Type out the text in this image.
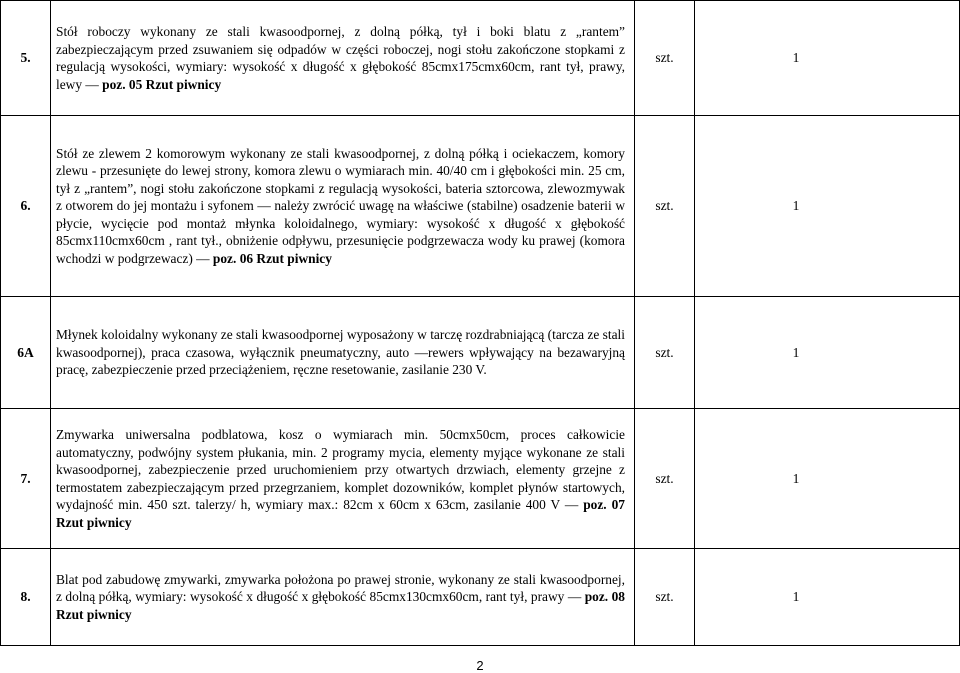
5.	Stół roboczy wykonany ze stali kwasoodpornej, z dolną półką, tył i boki blatu z „rantem” zabezpieczającym przed zsuwaniem się odpadów w części roboczej, nogi stołu zakończone stopkami z regulacją wysokości, wymiary: wysokość x długość x głębokość 85cmx175cmx60cm, rant tył, prawy, lewy — poz. 05 Rzut piwnicy	szt.	1
6.	Stół ze zlewem 2 komorowym wykonany ze stali kwasoodpornej, z dolną półką i ociekaczem, komory zlewu - przesunięte do lewej strony, komora zlewu o wymiarach min. 40/40 cm i głębokości min. 25 cm, tył z „rantem”, nogi stołu zakończone stopkami z regulacją wysokości, bateria sztorcowa, zlewozmywak z otworem do jej montażu i syfonem — należy zwrócić uwagę na właściwe (stabilne) osadzenie baterii w płycie, wycięcie pod montaż młynka koloidalnego, wymiary: wysokość x długość x głębokość 85cmx110cmx60cm , rant tył., obniżenie odpływu, przesunięcie podgrzewacza wody ku prawej (komora wchodzi w podgrzewacz) — poz. 06 Rzut piwnicy	szt.	1
6A	Młynek koloidalny wykonany ze stali kwasoodpornej wyposażony w tarczę rozdrabniającą (tarcza ze stali kwasoodpornej), praca czasowa, wyłącznik pneumatyczny, auto —rewers wpływający na bezawaryjną pracę, zabezpieczenie przed przeciążeniem, ręczne resetowanie, zasilanie 230 V.	szt.	1
7.	Zmywarka uniwersalna podblatowa, kosz o wymiarach min. 50cmx50cm, proces całkowicie automatyczny, podwójny system płukania, min. 2 programy mycia, elementy myjące wykonane ze stali kwasoodpornej, zabezpieczenie przed uruchomieniem przy otwartych drzwiach, elementy grzejne z termostatem zabezpieczającym przed przegrzaniem, komplet dozowników, komplet płynów startowych, wydajność min. 450 szt. talerzy/ h, wymiary max.: 82cm x 60cm x 63cm, zasilanie 400 V — poz. 07 Rzut piwnicy	szt.	1
8.	Blat pod zabudowę zmywarki, zmywarka położona po prawej stronie, wykonany ze stali kwasoodpornej, z dolną półką, wymiary: wysokość x długość x głębokość 85cmx130cmx60cm, rant tył, prawy — poz. 08 Rzut piwnicy	szt.	1
2
